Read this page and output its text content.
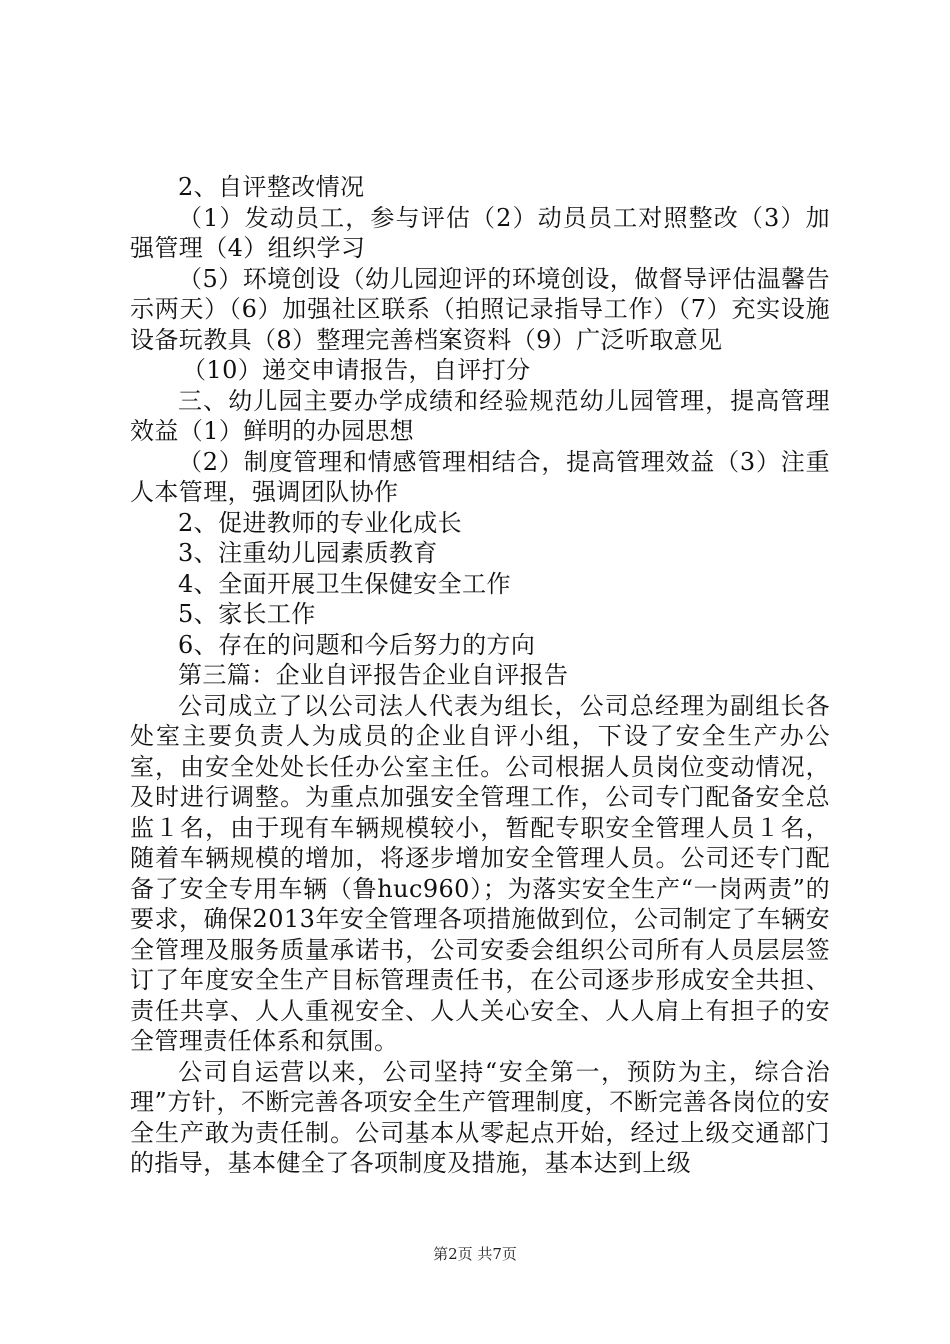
2、自评整改情况

（1）发动员工，参与评估（2）动员员工对照整改（3）加强管理（4）组织学习

（5）环境创设（幼儿园迎评的环境创设，做督导评估温馨告示两天）（6）加强社区联系（拍照记录指导工作）（7）充实设施设备玩教具（8）整理完善档案资料（9）广泛听取意见

（10）递交申请报告，自评打分

三、幼儿园主要办学成绩和经验规范幼儿园管理，提高管理效益（1）鲜明的办园思想

（2）制度管理和情感管理相结合，提高管理效益（3）注重人本管理，强调团队协作

2、促进教师的专业化成长

3、注重幼儿园素质教育

4、全面开展卫生保健安全工作

5、家长工作

6、存在的问题和今后努力的方向

第三篇：企业自评报告企业自评报告

公司成立了以公司法人代表为组长，公司总经理为副组长各处室主要负责人为成员的企业自评小组，下设了安全生产办公室，由安全处处长任办公室主任。公司根据人员岗位变动情况，及时进行调整。为重点加强安全管理工作，公司专门配备安全总监１名，由于现有车辆规模较小，暂配专职安全管理人员１名，随着车辆规模的增加，将逐步增加安全管理人员。公司还专门配备了安全专用车辆（鲁huc960）；为落实安全生产“一岗两责”的要求，确保2013年安全管理各项措施做到位，公司制定了车辆安全管理及服务质量承诺书，公司安委会组织公司所有人员层层签订了年度安全生产目标管理责任书，在公司逐步形成安全共担、责任共享、人人重视安全、人人关心安全、人人肩上有担子的安全管理责任体系和氛围。

公司自运营以来，公司坚持“安全第一，预防为主，综合治理”方针，不断完善各项安全生产管理制度，不断完善各岗位的安全生产敢为责任制。公司基本从零起点开始，经过上级交通部门的指导，基本健全了各项制度及措施，基本达到上级

第2页 共7页
